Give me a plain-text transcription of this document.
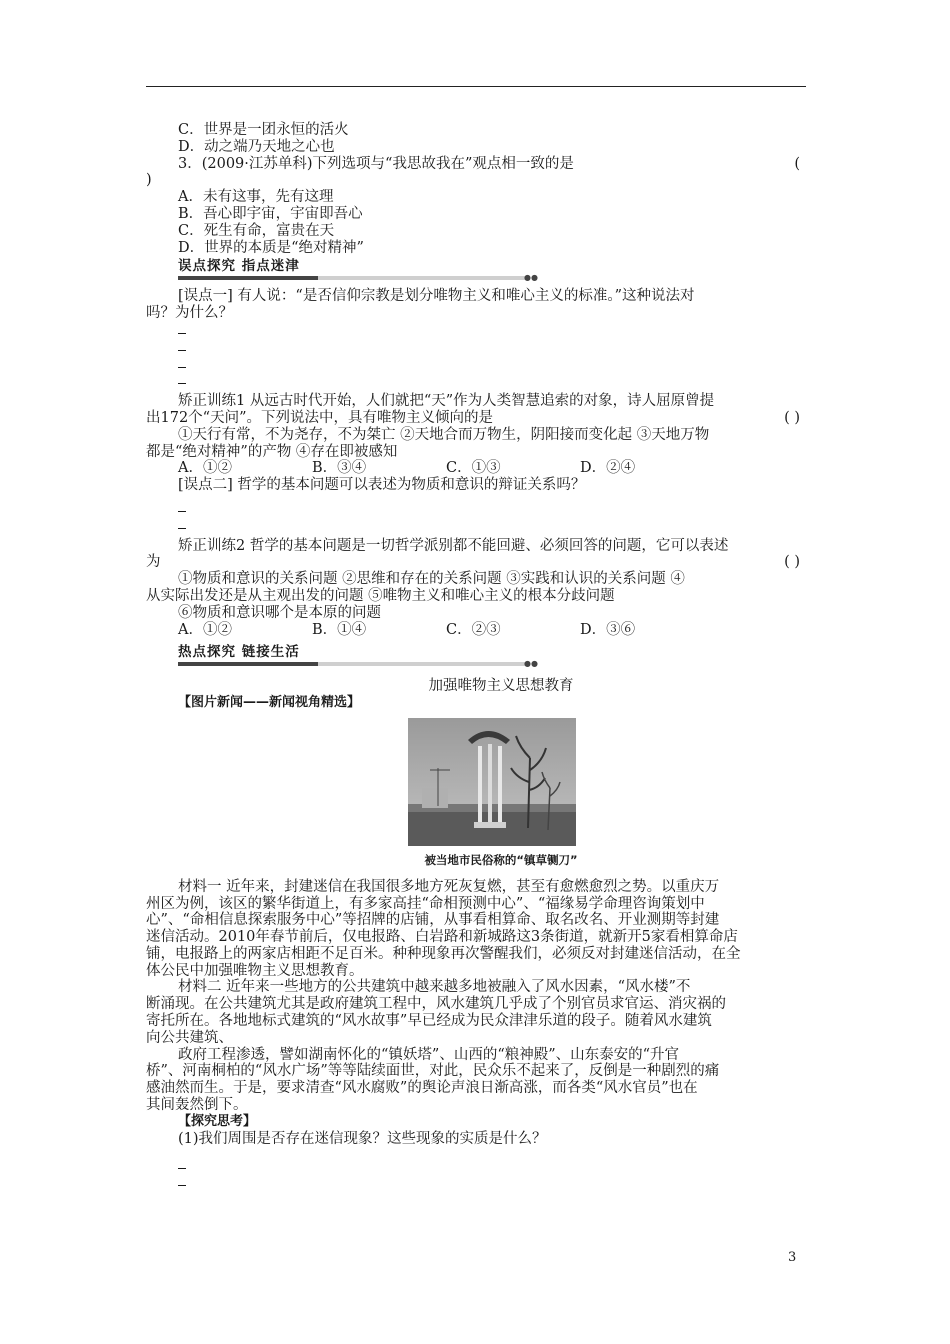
C．世界是一团永恒的活火
D．动之端乃天地之心也
3．(2009·江苏单科)下列选项与“我思故我在”观点相一致的是	(
)
A．未有这事，先有这理
B．吾心即宇宙，宇宙即吾心
C．死生有命，富贵在天
D．世界的本质是“绝对精神”
误点探究 指点迷津
●●
[误点一] 有人说：“是否信仰宗教是划分唯物主义和唯心主义的标准。”这种说法对
吗？为什么？
矫正训练1 从远古时代开始，人们就把“天”作为人类智慧追索的对象，诗人屈原曾提
出172个“天问”。下列说法中，具有唯物主义倾向的是	( )
①天行有常，不为尧存，不为桀亡 ②天地合而万物生，阴阳接而变化起 ③天地万物
都是“绝对精神”的产物 ④存在即被感知
A．①②	B．③④	C．①③	D．②④
[误点二] 哲学的基本问题可以表述为物质和意识的辩证关系吗？
矫正训练2 哲学的基本问题是一切哲学派别都不能回避、必须回答的问题，它可以表述
为	( )
①物质和意识的关系问题 ②思维和存在的关系问题 ③实践和认识的关系问题 ④
从实际出发还是从主观出发的问题 ⑤唯物主义和唯心主义的根本分歧问题
⑥物质和意识哪个是本原的问题
A．①②	B．①④	C．②③	D．③⑥
热点探究 链接生活
●●
加强唯物主义思想教育
【图片新闻——新闻视角精选】
被当地市民俗称的“镇草铡刀”
材料一 近年来，封建迷信在我国很多地方死灰复燃，甚至有愈燃愈烈之势。以重庆万
州区为例，该区的繁华街道上，有多家高挂“命相预测中心”、“福缘易学命理咨询策划中
心”、“命相信息探索服务中心”等招牌的店铺，从事看相算命、取名改名、开业测期等封建
迷信活动。2010年春节前后，仅电报路、白岩路和新城路这3条街道，就新开5家看相算命店
铺，电报路上的两家店相距不足百米。种种现象再次警醒我们，必须反对封建迷信活动，在全
体公民中加强唯物主义思想教育。
材料二 近年来一些地方的公共建筑中越来越多地被融入了风水因素，“风水楼”不
断涌现。在公共建筑尤其是政府建筑工程中，风水建筑几乎成了个别官员求官运、消灾祸的
寄托所在。各地地标式建筑的“风水故事”早已经成为民众津津乐道的段子。随着风水建筑
向公共建筑、
政府工程渗透，譬如湖南怀化的“镇妖塔”、山西的“粮神殿”、山东泰安的“升官
桥”、河南桐柏的“风水广场”等等陆续面世，对此，民众乐不起来了，反倒是一种剧烈的痛
感油然而生。于是，要求清查“风水腐败”的舆论声浪日渐高涨，而各类“风水官员”也在
其间轰然倒下。
【探究思考】
(1)我们周围是否存在迷信现象？这些现象的实质是什么？
3
